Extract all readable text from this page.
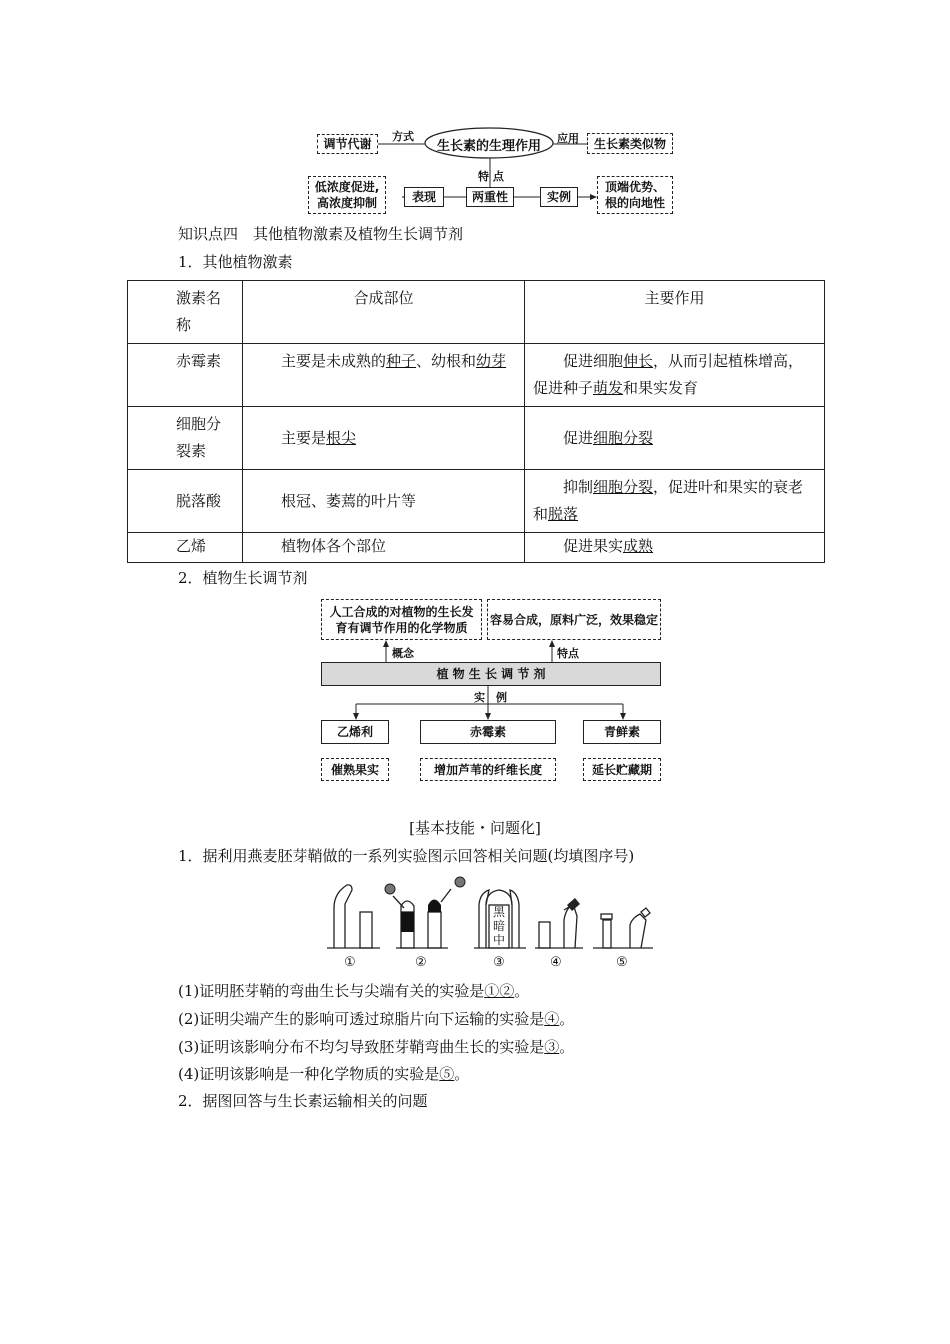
生长素的生理作用
调节代谢
方式	应用	生长素类似物
特 点
两重性
表现	实例
低浓度促进,
高浓度抑制
顶端优势、
根的向地性
知识点四　其他植物激素及植物生长调节剂
1．其他植物激素
激素名称	合成部位	主要作用
赤霉素	主要是未成熟的种子、幼根和幼芽	促进细胞伸长，从而引起植株增高，促进种子萌发和果实发育
细胞分裂素	主要是根尖	促进细胞分裂
脱落酸	根冠、萎蔫的叶片等	抑制细胞分裂，促进叶和果实的衰老和脱落
乙烯	植物体各个部位	促进果实成熟
2．植物生长调节剂
人工合成的对植物的生长发
育有调节作用的化学物质
容易合成，原料广泛，效果稳定
概念	特点
植 物 生 长 调 节 剂
实　例
乙烯利	赤霉素	青鲜素
催熟果实	增加芦苇的纤维长度	延长贮藏期
[基本技能・问题化]
1．据利用燕麦胚芽鞘做的一系列实验图示回答相关问题(均填图序号)
黑
暗
中
①	②	③	④	⑤
(1)证明胚芽鞘的弯曲生长与尖端有关的实验是①②。
(2)证明尖端产生的影响可透过琼脂片向下运输的实验是④。
(3)证明该影响分布不均匀导致胚芽鞘弯曲生长的实验是③。
(4)证明该影响是一种化学物质的实验是⑤。
2．据图回答与生长素运输相关的问题
